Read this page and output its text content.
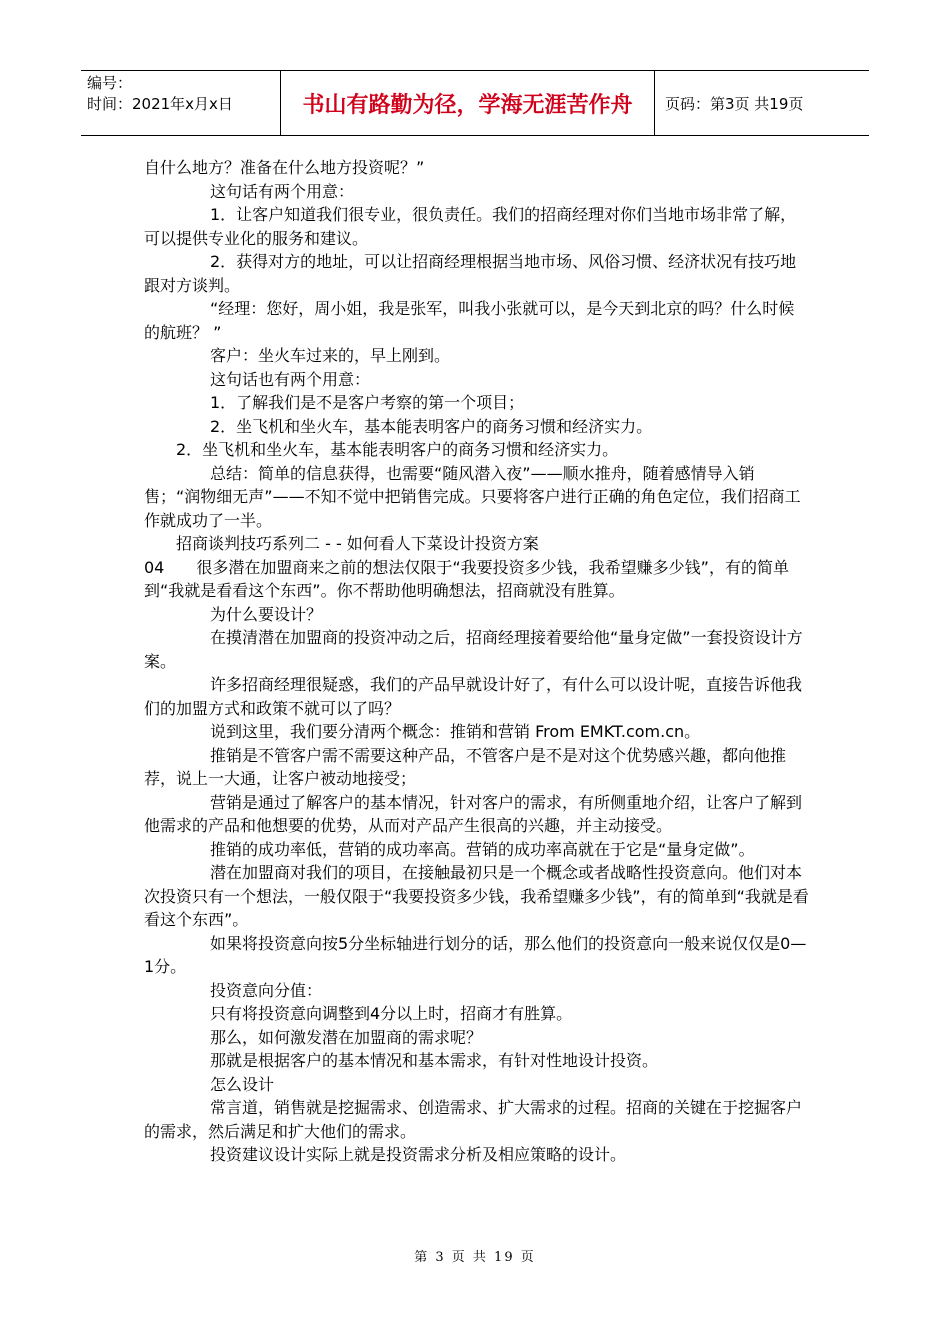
编号：
时间：2021年x月x日	书山有路勤为径，学海无涯苦作舟	页码：第3页 共19页

自什么地方？准备在什么地方投资呢？”

这句话有两个用意：

1．让客户知道我们很专业，很负责任。我们的招商经理对你们当地市场非常了解，可以提供专业化的服务和建议。

2．获得对方的地址，可以让招商经理根据当地市场、风俗习惯、经济状况有技巧地跟对方谈判。

“经理：您好，周小姐，我是张军，叫我小张就可以，是今天到北京的吗？什么时候的航班？ ”

客户：坐火车过来的，早上刚到。

这句话也有两个用意：

1．了解我们是不是客户考察的第一个项目；

2．坐飞机和坐火车，基本能表明客户的商务习惯和经济实力。

2．坐飞机和坐火车，基本能表明客户的商务习惯和经济实力。

总结：简单的信息获得，也需要“随风潜入夜”——顺水推舟，随着感情导入销售；“润物细无声”——不知不觉中把销售完成。只要将客户进行正确的角色定位，我们招商工作就成功了一半。

招商谈判技巧系列二 - - 如何看人下菜设计投资方案

04　　很多潜在加盟商来之前的想法仅限于“我要投资多少钱，我希望赚多少钱”，有的简单到“我就是看看这个东西”。你不帮助他明确想法，招商就没有胜算。

为什么要设计？

在摸清潜在加盟商的投资冲动之后，招商经理接着要给他“量身定做”一套投资设计方案。

许多招商经理很疑惑，我们的产品早就设计好了，有什么可以设计呢，直接告诉他我们的加盟方式和政策不就可以了吗？

说到这里，我们要分清两个概念：推销和营销 From EMKT.com.cn。

推销是不管客户需不需要这种产品，不管客户是不是对这个优势感兴趣，都向他推荐，说上一大通，让客户被动地接受；

营销是通过了解客户的基本情况，针对客户的需求，有所侧重地介绍，让客户了解到他需求的产品和他想要的优势，从而对产品产生很高的兴趣，并主动接受。

推销的成功率低，营销的成功率高。营销的成功率高就在于它是“量身定做”。

潜在加盟商对我们的项目，在接触最初只是一个概念或者战略性投资意向。他们对本次投资只有一个想法，一般仅限于“我要投资多少钱，我希望赚多少钱”，有的简单到“我就是看看这个东西”。

如果将投资意向按5分坐标轴进行划分的话，那么他们的投资意向一般来说仅仅是0—1分。

投资意向分值：

只有将投资意向调整到4分以上时，招商才有胜算。

那么，如何激发潜在加盟商的需求呢？

那就是根据客户的基本情况和基本需求，有针对性地设计投资。

怎么设计

常言道，销售就是挖掘需求、创造需求、扩大需求的过程。招商的关键在于挖掘客户的需求，然后满足和扩大他们的需求。

投资建议设计实际上就是投资需求分析及相应策略的设计。

第 3 页 共 19 页
